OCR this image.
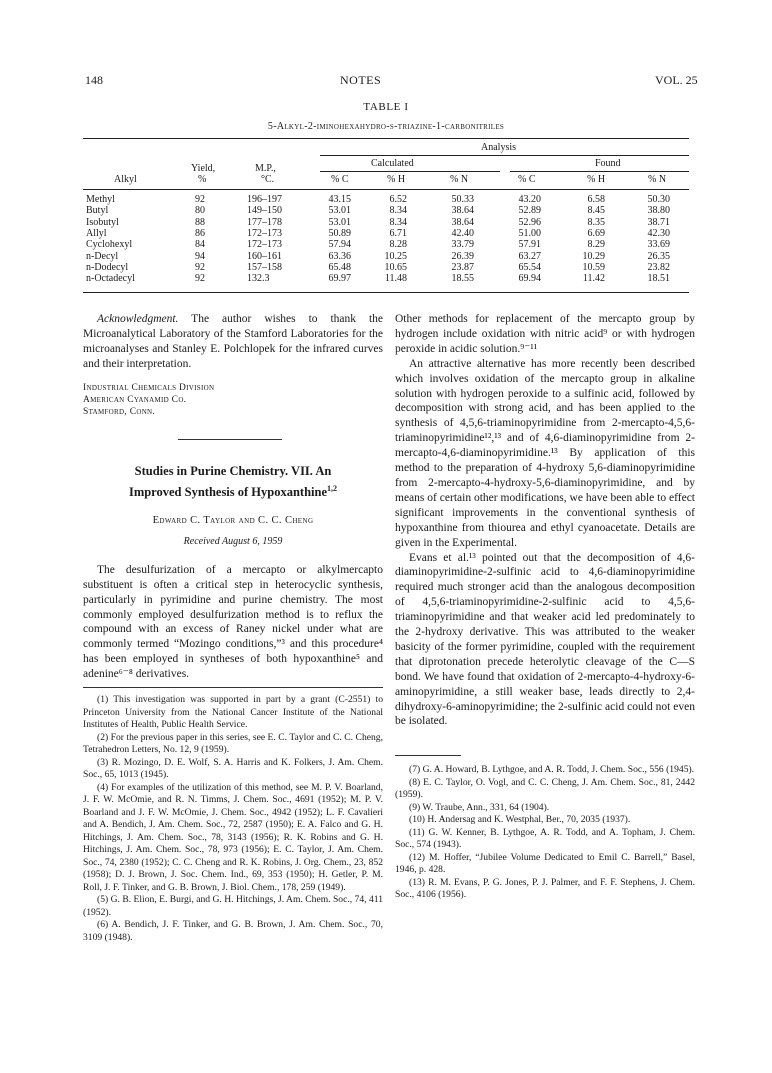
148	NOTES	VOL. 25
TABLE I
5-Alkyl-2-iminohexahydro-s-triazine-1-carbonitriles
Analysis
Calculated	Found
Yield,	M.P.,
Alkyl	%	°C.	% C	% H	% N	% C	% H	% N
Methyl	92	196–197	43.15	6.52	50.33	43.20	6.58	50.30
Butyl	80	149–150	53.01	8.34	38.64	52.89	8.45	38.80
Isobutyl	88	177–178	53.01	8.34	38.64	52.96	8.35	38.71
Allyl	86	172–173	50.89	6.71	42.40	51.00	6.69	42.30
Cyclohexyl	84	172–173	57.94	8.28	33.79	57.91	8.29	33.69
n-Decyl	94	160–161	63.36	10.25	26.39	63.27	10.29	26.35
n-Dodecyl	92	157–158	65.48	10.65	23.87	65.54	10.59	23.82
n-Octadecyl	92	132.3	69.97	11.48	18.55	69.94	11.42	18.51

Acknowledgment. The author wishes to thank the Microanalytical Laboratory of the Stamford Laboratories for the microanalyses and Stanley E. Polchlopek for the infrared curves and their interpretation.

Industrial Chemicals Division

American Cyanamid Co.

Stamford, Conn.

Studies in Purine Chemistry. VII. An

Improved Synthesis of Hypoxanthine$^{1,2}$

Edward C. Taylor and C. C. Cheng

Received August 6, 1959

The desulfurization of a mercapto or alkylmercapto substituent is often a critical step in heterocyclic synthesis, particularly in pyrimidine and purine chemistry. The most commonly employed desulfurization method is to reflux the compound with an excess of Raney nickel under what are commonly termed “Mozingo conditions,”³ and this procedure⁴ has been employed in syntheses of both hypoxanthine⁵ and adenine⁶⁻⁸ derivatives.

(1) This investigation was supported in part by a grant (C-2551) to Princeton University from the National Cancer Institute of the National Institutes of Health, Public Health Service.

(2) For the previous paper in this series, see E. C. Taylor and C. C. Cheng, Tetrahedron Letters, No. 12, 9 (1959).

(3) R. Mozingo, D. E. Wolf, S. A. Harris and K. Folkers, J. Am. Chem. Soc., 65, 1013 (1945).

(4) For examples of the utilization of this method, see M. P. V. Boarland, J. F. W. McOmie, and R. N. Timms, J. Chem. Soc., 4691 (1952); M. P. V. Boarland and J. F. W. McOmie, J. Chem. Soc., 4942 (1952); L. F. Cavalieri and A. Bendich, J. Am. Chem. Soc., 72, 2587 (1950); E. A. Falco and G. H. Hitchings, J. Am. Chem. Soc., 78, 3143 (1956); R. K. Robins and G. H. Hitchings, J. Am. Chem. Soc., 78, 973 (1956); E. C. Taylor, J. Am. Chem. Soc., 74, 2380 (1952); C. C. Cheng and R. K. Robins, J. Org. Chem., 23, 852 (1958); D. J. Brown, J. Soc. Chem. Ind., 69, 353 (1950); H. Getler, P. M. Roll, J. F. Tinker, and G. B. Brown, J. Biol. Chem., 178, 259 (1949).

(5) G. B. Elion, E. Burgi, and G. H. Hitchings, J. Am. Chem. Soc., 74, 411 (1952).

(6) A. Bendich, J. F. Tinker, and G. B. Brown, J. Am. Chem. Soc., 70, 3109 (1948).

Other methods for replacement of the mercapto group by hydrogen include oxidation with nitric acid⁹ or with hydrogen peroxide in acidic solution.⁹⁻¹¹

An attractive alternative has more recently been described which involves oxidation of the mercapto group in alkaline solution with hydrogen peroxide to a sulfinic acid, followed by decomposition with strong acid, and has been applied to the synthesis of 4,5,6-triaminopyrimidine from 2-mercapto-4,5,6-triaminopyrimidine¹²,¹³ and of 4,6-diaminopyrimidine from 2-mercapto-4,6-diaminopyrimidine.¹³ By application of this method to the preparation of 4-hydroxy 5,6-diaminopyrimidine from 2-mercapto-4-hydroxy-5,6-diaminopyrimidine, and by means of certain other modifications, we have been able to effect significant improvements in the conventional synthesis of hypoxanthine from thiourea and ethyl cyanoacetate. Details are given in the Experimental.

Evans et al.¹³ pointed out that the decomposition of 4,6-diaminopyrimidine-2-sulfinic acid to 4,6-diaminopyrimidine required much stronger acid than the analogous decomposition of 4,5,6-triaminopyrimidine-2-sulfinic acid to 4,5,6-triaminopyrimidine and that weaker acid led predominately to the 2-hydroxy derivative. This was attributed to the weaker basicity of the former pyrimidine, coupled with the requirement that diprotonation precede heterolytic cleavage of the C—S bond. We have found that oxidation of 2-mercapto-4-hydroxy-6-aminopyrimidine, a still weaker base, leads directly to 2,4-dihydroxy-6-aminopyrimidine; the 2-sulfinic acid could not even be isolated.

(7) G. A. Howard, B. Lythgoe, and A. R. Todd, J. Chem. Soc., 556 (1945).

(8) E. C. Taylor, O. Vogl, and C. C. Cheng, J. Am. Chem. Soc., 81, 2442 (1959).

(9) W. Traube, Ann., 331, 64 (1904).

(10) H. Andersag and K. Westphal, Ber., 70, 2035 (1937).

(11) G. W. Kenner, B. Lythgoe, A. R. Todd, and A. Topham, J. Chem. Soc., 574 (1943).

(12) M. Hoffer, “Jubilee Volume Dedicated to Emil C. Barrell,” Basel, 1946, p. 428.

(13) R. M. Evans, P. G. Jones, P. J. Palmer, and F. F. Stephens, J. Chem. Soc., 4106 (1956).
